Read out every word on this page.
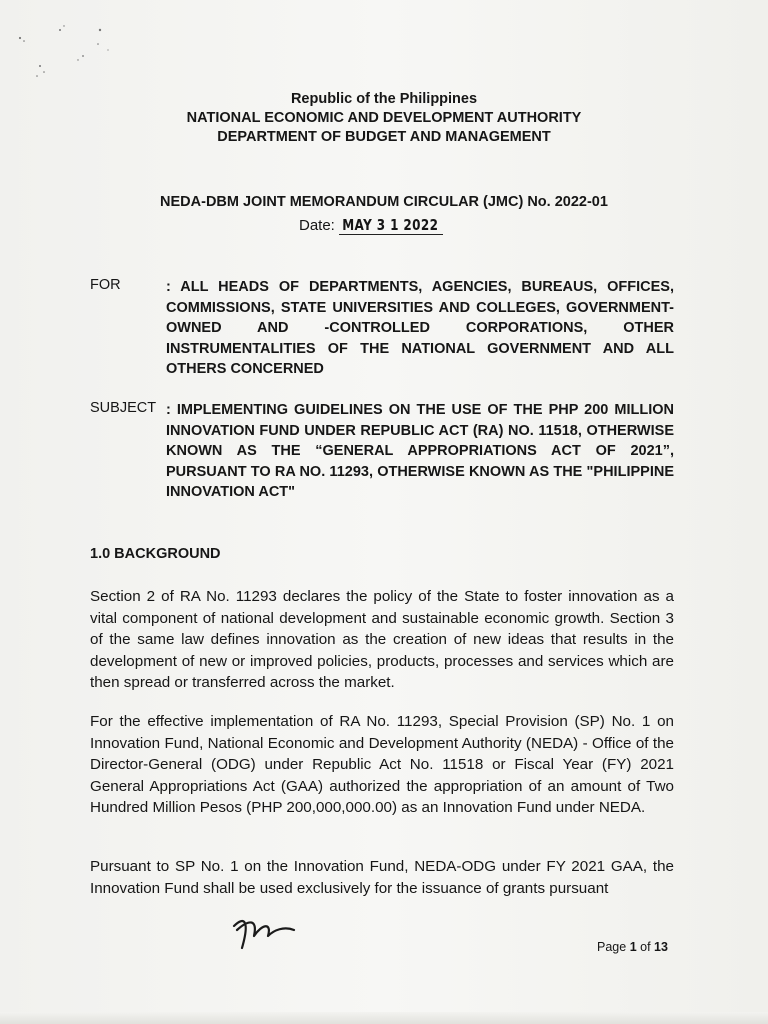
Republic of the Philippines
NATIONAL ECONOMIC AND DEVELOPMENT AUTHORITY
DEPARTMENT OF BUDGET AND MANAGEMENT
NEDA-DBM JOINT MEMORANDUM CIRCULAR (JMC) No. 2022-01
Date: MAY 3 1 2022
FOR	: ALL HEADS OF DEPARTMENTS, AGENCIES, BUREAUS, OFFICES, COMMISSIONS, STATE UNIVERSITIES AND COLLEGES, GOVERNMENT-OWNED AND -CONTROLLED CORPORATIONS, OTHER INSTRUMENTALITIES OF THE NATIONAL GOVERNMENT AND ALL OTHERS CONCERNED
SUBJECT : IMPLEMENTING GUIDELINES ON THE USE OF THE PHP 200 MILLION INNOVATION FUND UNDER REPUBLIC ACT (RA) NO. 11518, OTHERWISE KNOWN AS THE “GENERAL APPROPRIATIONS ACT OF 2021”, PURSUANT TO RA NO. 11293, OTHERWISE KNOWN AS THE "PHILIPPINE INNOVATION ACT"
1.0 BACKGROUND
Section 2 of RA No. 11293 declares the policy of the State to foster innovation as a vital component of national development and sustainable economic growth. Section 3 of the same law defines innovation as the creation of new ideas that results in the development of new or improved policies, products, processes and services which are then spread or transferred across the market.
For the effective implementation of RA No. 11293, Special Provision (SP) No. 1 on Innovation Fund, National Economic and Development Authority (NEDA) - Office of the Director-General (ODG) under Republic Act No. 11518 or Fiscal Year (FY) 2021 General Appropriations Act (GAA) authorized the appropriation of an amount of Two Hundred Million Pesos (PHP 200,000,000.00) as an Innovation Fund under NEDA.
Pursuant to SP No. 1 on the Innovation Fund, NEDA-ODG under FY 2021 GAA, the Innovation Fund shall be used exclusively for the issuance of grants pursuant
Page 1 of 13
